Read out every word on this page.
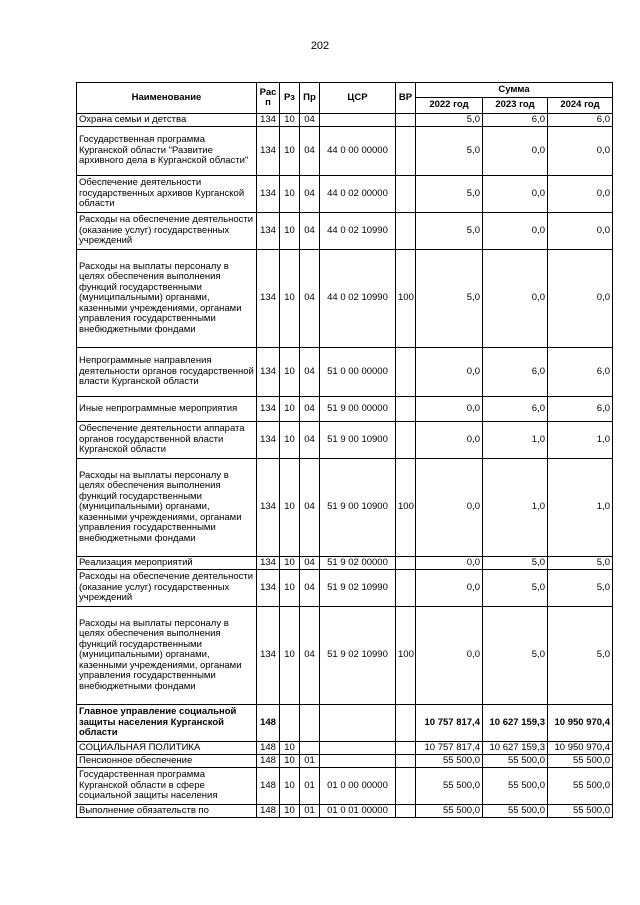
202
Наименование	Рас п	Рз	Пр	ЦСР	ВР	Сумма		
						2022 год	2023 год	2024 год
Охрана семьи и детства	134	10	04			5,0	6,0	6,0
Государственная программа Курганской области "Развитие архивного дела в Курганской области"	134	10	04	44 0 00 00000		5,0	0,0	0,0
Обеспечение деятельности государственных архивов Курганской области	134	10	04	44 0 02 00000		5,0	0,0	0,0
Расходы на обеспечение деятельности (оказание услуг) государственных учреждений	134	10	04	44 0 02 10990		5,0	0,0	0,0
Расходы на выплаты персоналу в целях обеспечения выполнения функций государственными (муниципальными) органами, казенными учреждениями, органами управления государственными внебюджетными фондами	134	10	04	44 0 02 10990	100	5,0	0,0	0,0
Непрограммные направления деятельности органов государственной власти Курганской области	134	10	04	51 0 00 00000		0,0	6,0	6,0
Иные непрограммные мероприятия	134	10	04	51 9 00 00000		0,0	6,0	6,0
Обеспечение деятельности аппарата органов государственной власти Курганской области	134	10	04	51 9 00 10900		0,0	1,0	1,0
Расходы на выплаты персоналу в целях обеспечения выполнения функций государственными (муниципальными) органами, казенными учреждениями, органами управления государственными внебюджетными фондами	134	10	04	51 9 00 10900	100	0,0	1,0	1,0
Реализация мероприятий	134	10	04	51 9 02 00000		0,0	5,0	5,0
Расходы на обеспечение деятельности (оказание услуг) государственных учреждений	134	10	04	51 9 02 10990		0,0	5,0	5,0
Расходы на выплаты персоналу в целях обеспечения выполнения функций государственными (муниципальными) органами, казенными учреждениями, органами управления государственными внебюджетными фондами	134	10	04	51 9 02 10990	100	0,0	5,0	5,0
Главное управление социальной защиты населения Курганской области	148					10 757 817,4	10 627 159,3	10 950 970,4
СОЦИАЛЬНАЯ ПОЛИТИКА	148	10				10 757 817,4	10 627 159,3	10 950 970,4
Пенсионное обеспечение	148	10	01			55 500,0	55 500,0	55 500,0
Государственная программа Курганской области в сфере социальной защиты населения	148	10	01	01 0 00 00000		55 500,0	55 500,0	55 500,0
Выполнение обязательств по	148	10	01	01 0 01 00000		55 500,0	55 500,0	55 500,0
